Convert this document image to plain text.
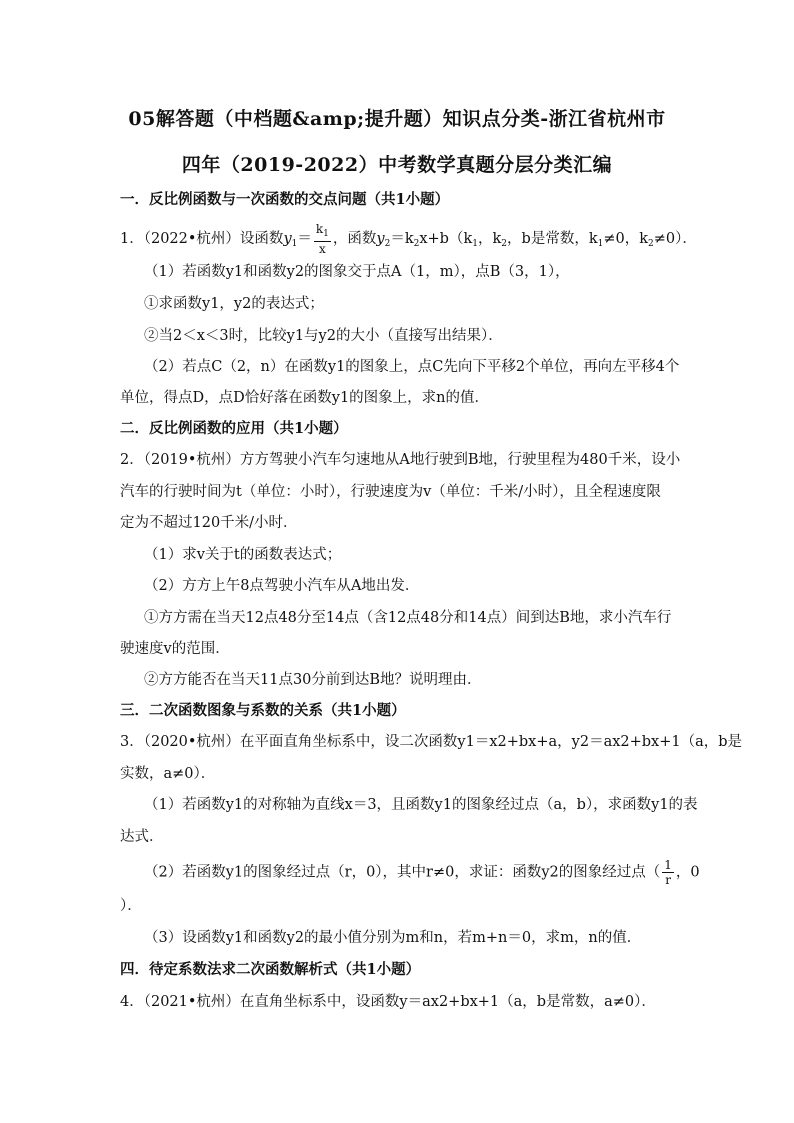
05解答题（中档题&amp;提升题）知识点分类-浙江省杭州市
四年（2019-2022）中考数学真题分层分类汇编
一．反比例函数与一次函数的交点问题（共1小题）
1．（2022•杭州）设函数$y_1= \frac{k_1}{x}$ ，函数$y_2=k_2x+b(k_1$，$k_2$，b是常数，$k_1\ne 0$，$k_2\ne 0$）．
（1）若函数y1和函数y2的图象交于点A（1，m），点B（3，1），
①求函数y1，y2的表达式；
②当2＜x＜3时，比较y1与y2的大小（直接写出结果）．
（2）若点C（2，n）在函数y1的图象上，点C先向下平移2个单位，再向左平移4个
单位，得点D，点D恰好落在函数y1的图象上，求n的值．
二．反比例函数的应用（共1小题）
2．（2019•杭州）方方驾驶小汽车匀速地从A地行驶到B地，行驶里程为480千米，设小
汽车的行驶时间为t（单位：小时），行驶速度为v（单位：千米/小时），且全程速度限
定为不超过120千米/小时．
（1）求v关于t的函数表达式；
（2）方方上午8点驾驶小汽车从A地出发．
①方方需在当天12点48分至14点（含12点48分和14点）间到达B地，求小汽车行
驶速度v的范围．
②方方能否在当天11点30分前到达B地？说明理由．
三．二次函数图象与系数的关系（共1小题）
3．（2020•杭州）在平面直角坐标系中，设二次函数y1＝x2+bx+a，y2＝ax2+bx+1（a，b是
实数，a≠0）．
（1）若函数y1的对称轴为直线x＝3，且函数y1的图象经过点（a，b），求函数y1的表
达式．
（2）若函数y1的图象经过点（r，0），其中r≠0，求证：函数y2的图象经过点（ $\frac{1}{r}$ ，0
）．
（3）设函数y1和函数y2的最小值分别为m和n，若m+n＝0，求m，n的值．
四．待定系数法求二次函数解析式（共1小题）
4．（2021•杭州）在直角坐标系中，设函数y＝ax2+bx+1（a，b是常数，a≠0）．
